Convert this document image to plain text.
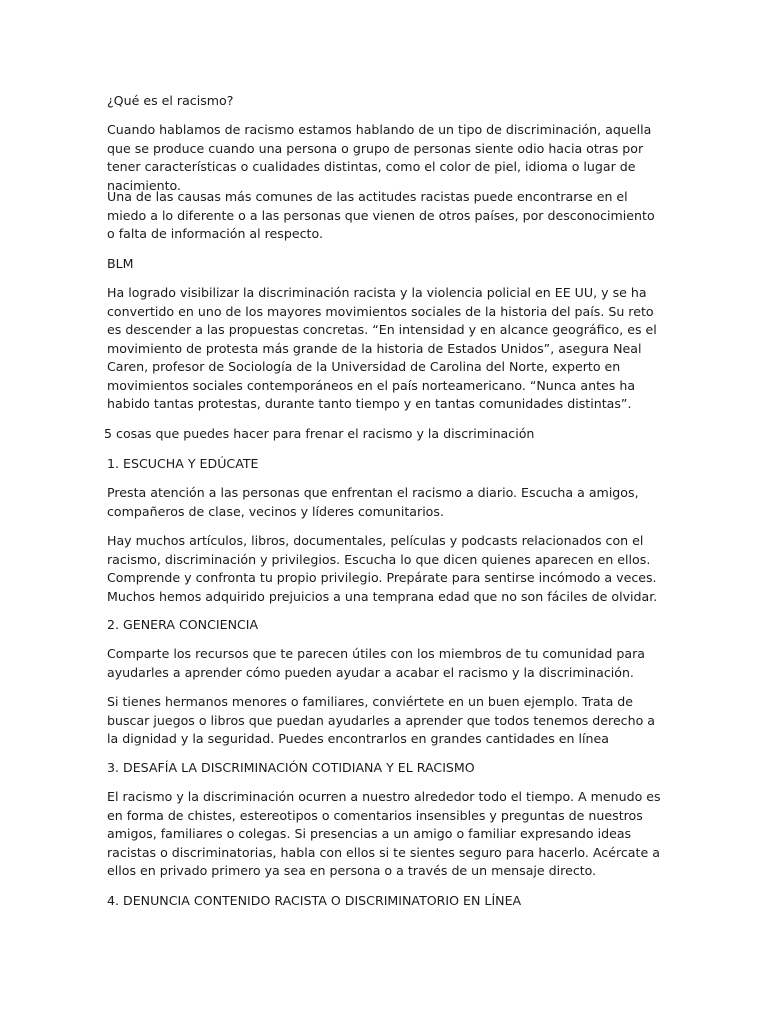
¿Qué es el racismo?

Cuando hablamos de racismo estamos hablando de un tipo de discriminación, aquella que se produce cuando una persona o grupo de personas siente odio hacia otras por tener características o cualidades distintas, como el color de piel, idioma o lugar de nacimiento.

Una de las causas más comunes de las actitudes racistas puede encontrarse en el miedo a lo diferente o a las personas que vienen de otros países, por desconocimiento o falta de información al respecto.

BLM

Ha logrado visibilizar la discriminación racista y la violencia policial en EE UU, y se ha convertido en uno de los mayores movimientos sociales de la historia del país. Su reto es descender a las propuestas concretas. “En intensidad y en alcance geográfico, es el movimiento de protesta más grande de la historia de Estados Unidos”, asegura Neal Caren, profesor de Sociología de la Universidad de Carolina del Norte, experto en movimientos sociales contemporáneos en el país norteamericano. “Nunca antes ha habido tantas protestas, durante tanto tiempo y en tantas comunidades distintas”.

5 cosas que puedes hacer para frenar el racismo y la discriminación

1. ESCUCHA Y EDÚCATE

Presta atención a las personas que enfrentan el racismo a diario. Escucha a amigos, compañeros de clase, vecinos y líderes comunitarios.

Hay muchos artículos, libros, documentales, películas y podcasts relacionados con el racismo, discriminación y privilegios. Escucha lo que dicen quienes aparecen en ellos. Comprende y confronta tu propio privilegio. Prepárate para sentirse incómodo a veces. Muchos hemos adquirido prejuicios a una temprana edad que no son fáciles de olvidar.

2. GENERA CONCIENCIA

Comparte los recursos que te parecen útiles con los miembros de tu comunidad para ayudarles a aprender cómo pueden ayudar a acabar el racismo y la discriminación.

Si tienes hermanos menores o familiares, conviértete en un buen ejemplo. Trata de buscar juegos o libros que puedan ayudarles a aprender que todos tenemos derecho a la dignidad y la seguridad. Puedes encontrarlos en grandes cantidades en línea

3. DESAFÍA LA DISCRIMINACIÓN COTIDIANA Y EL RACISMO

El racismo y la discriminación ocurren a nuestro alrededor todo el tiempo. A menudo es en forma de chistes, estereotipos o comentarios insensibles y preguntas de nuestros amigos, familiares o colegas. Si presencias a un amigo o familiar expresando ideas racistas o discriminatorias, habla con ellos si te sientes seguro para hacerlo. Acércate a ellos en privado primero ya sea en persona o a través de un mensaje directo.

4. DENUNCIA CONTENIDO RACISTA O DISCRIMINATORIO EN LÍNEA
